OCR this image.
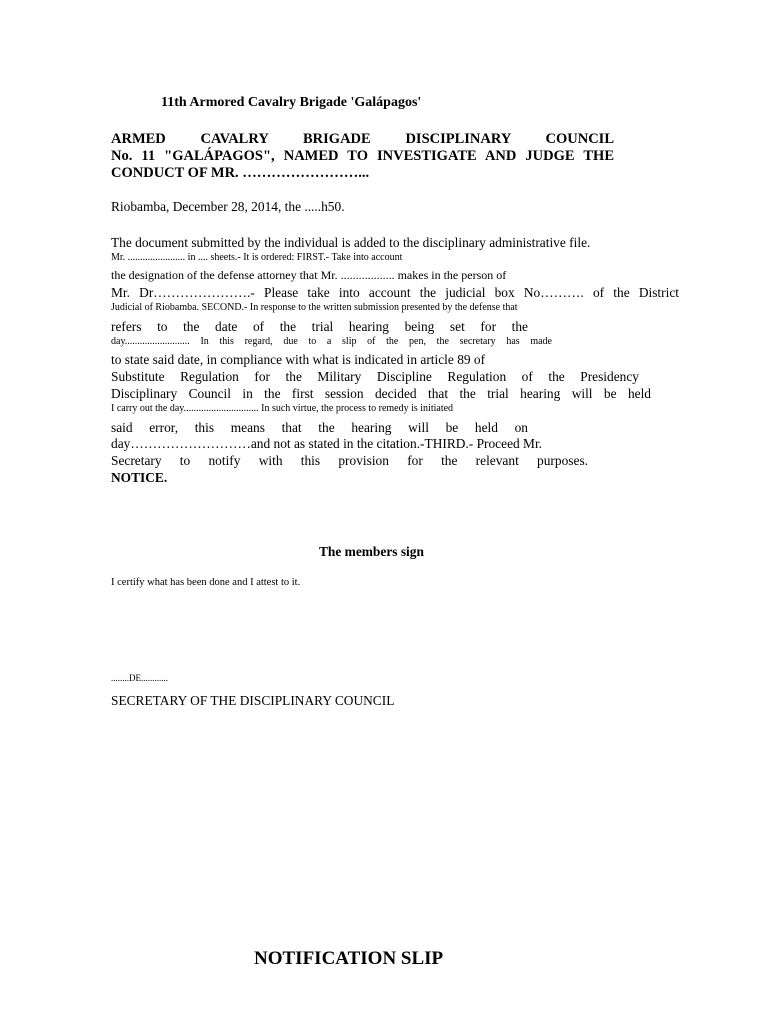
11th Armored Cavalry Brigade 'Galápagos'
ARMED CAVALRY BRIGADE DISCIPLINARY COUNCIL
No. 11 "GALÁPAGOS", NAMED TO INVESTIGATE AND JUDGE THE
CONDUCT OF MR. ……………………...
Riobamba, December 28, 2014, the .....h50.
The document submitted by the individual is added to the disciplinary administrative file.
Mr. ....................... in .... sheets.- It is ordered: FIRST.- Take into account
the designation of the defense attorney that Mr. .................. makes in the person of
Mr. Dr………………….- Please take into account the judicial box No………. of the District
Judicial of Riobamba. SECOND.- In response to the written submission presented by the defense that
refers to the date of the trial hearing being set for the
day.......................... In this regard, due to a slip of the pen, the secretary has made
to state said date, in compliance with what is indicated in article 89 of
Substitute Regulation for the Military Discipline Regulation of the Presidency
Disciplinary Council in the first session decided that the trial hearing will be held
I carry out the day.............................. In such virtue, the process to remedy is initiated
said error, this means that the hearing will be held on
day………………………and not as stated in the citation.-THIRD.- Proceed Mr.
Secretary to notify with this provision for the relevant purposes.
NOTICE.
The members sign
I certify what has been done and I attest to it.
........DE............
SECRETARY OF THE DISCIPLINARY COUNCIL
NOTIFICATION SLIP
